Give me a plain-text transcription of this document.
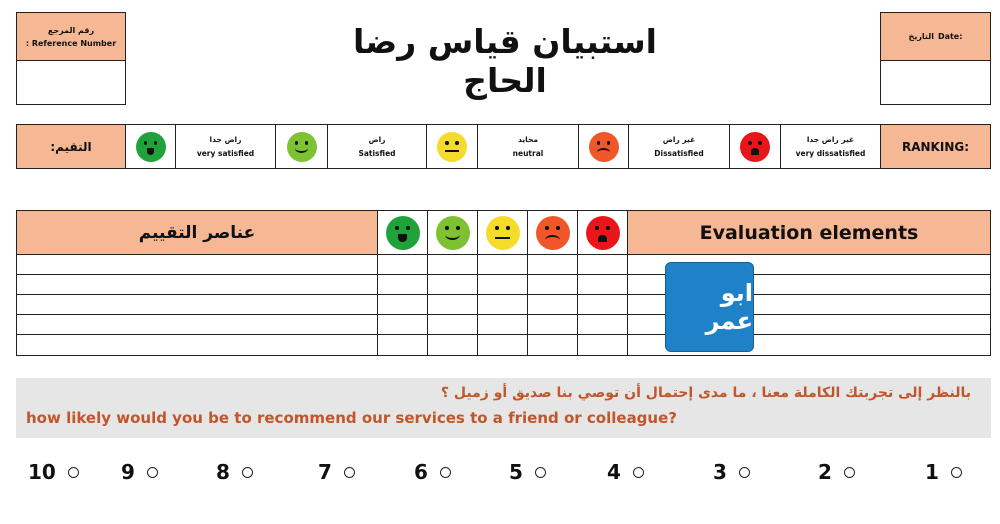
رقم المرجع
: Reference Number	استبيان قياس رضا الحاج
التاريخ Date:
التقيم:
راض جدا
very satisfied
راض
Satisfied
محايد
neutral
غير راض
Dissatisfied
غير راض جدا
very dissatisfied	RANKING:
عناصر التقييم	Evaluation elements
ابو عمر
بالنظر إلى تجربتك الكاملة معنا ، ما مدى إحتمال أن توصي بنا صديق أو زميل ؟
how likely would you be to recommend our services to a friend or colleague?
10	9	8	7	6	5	4	3	2	1
